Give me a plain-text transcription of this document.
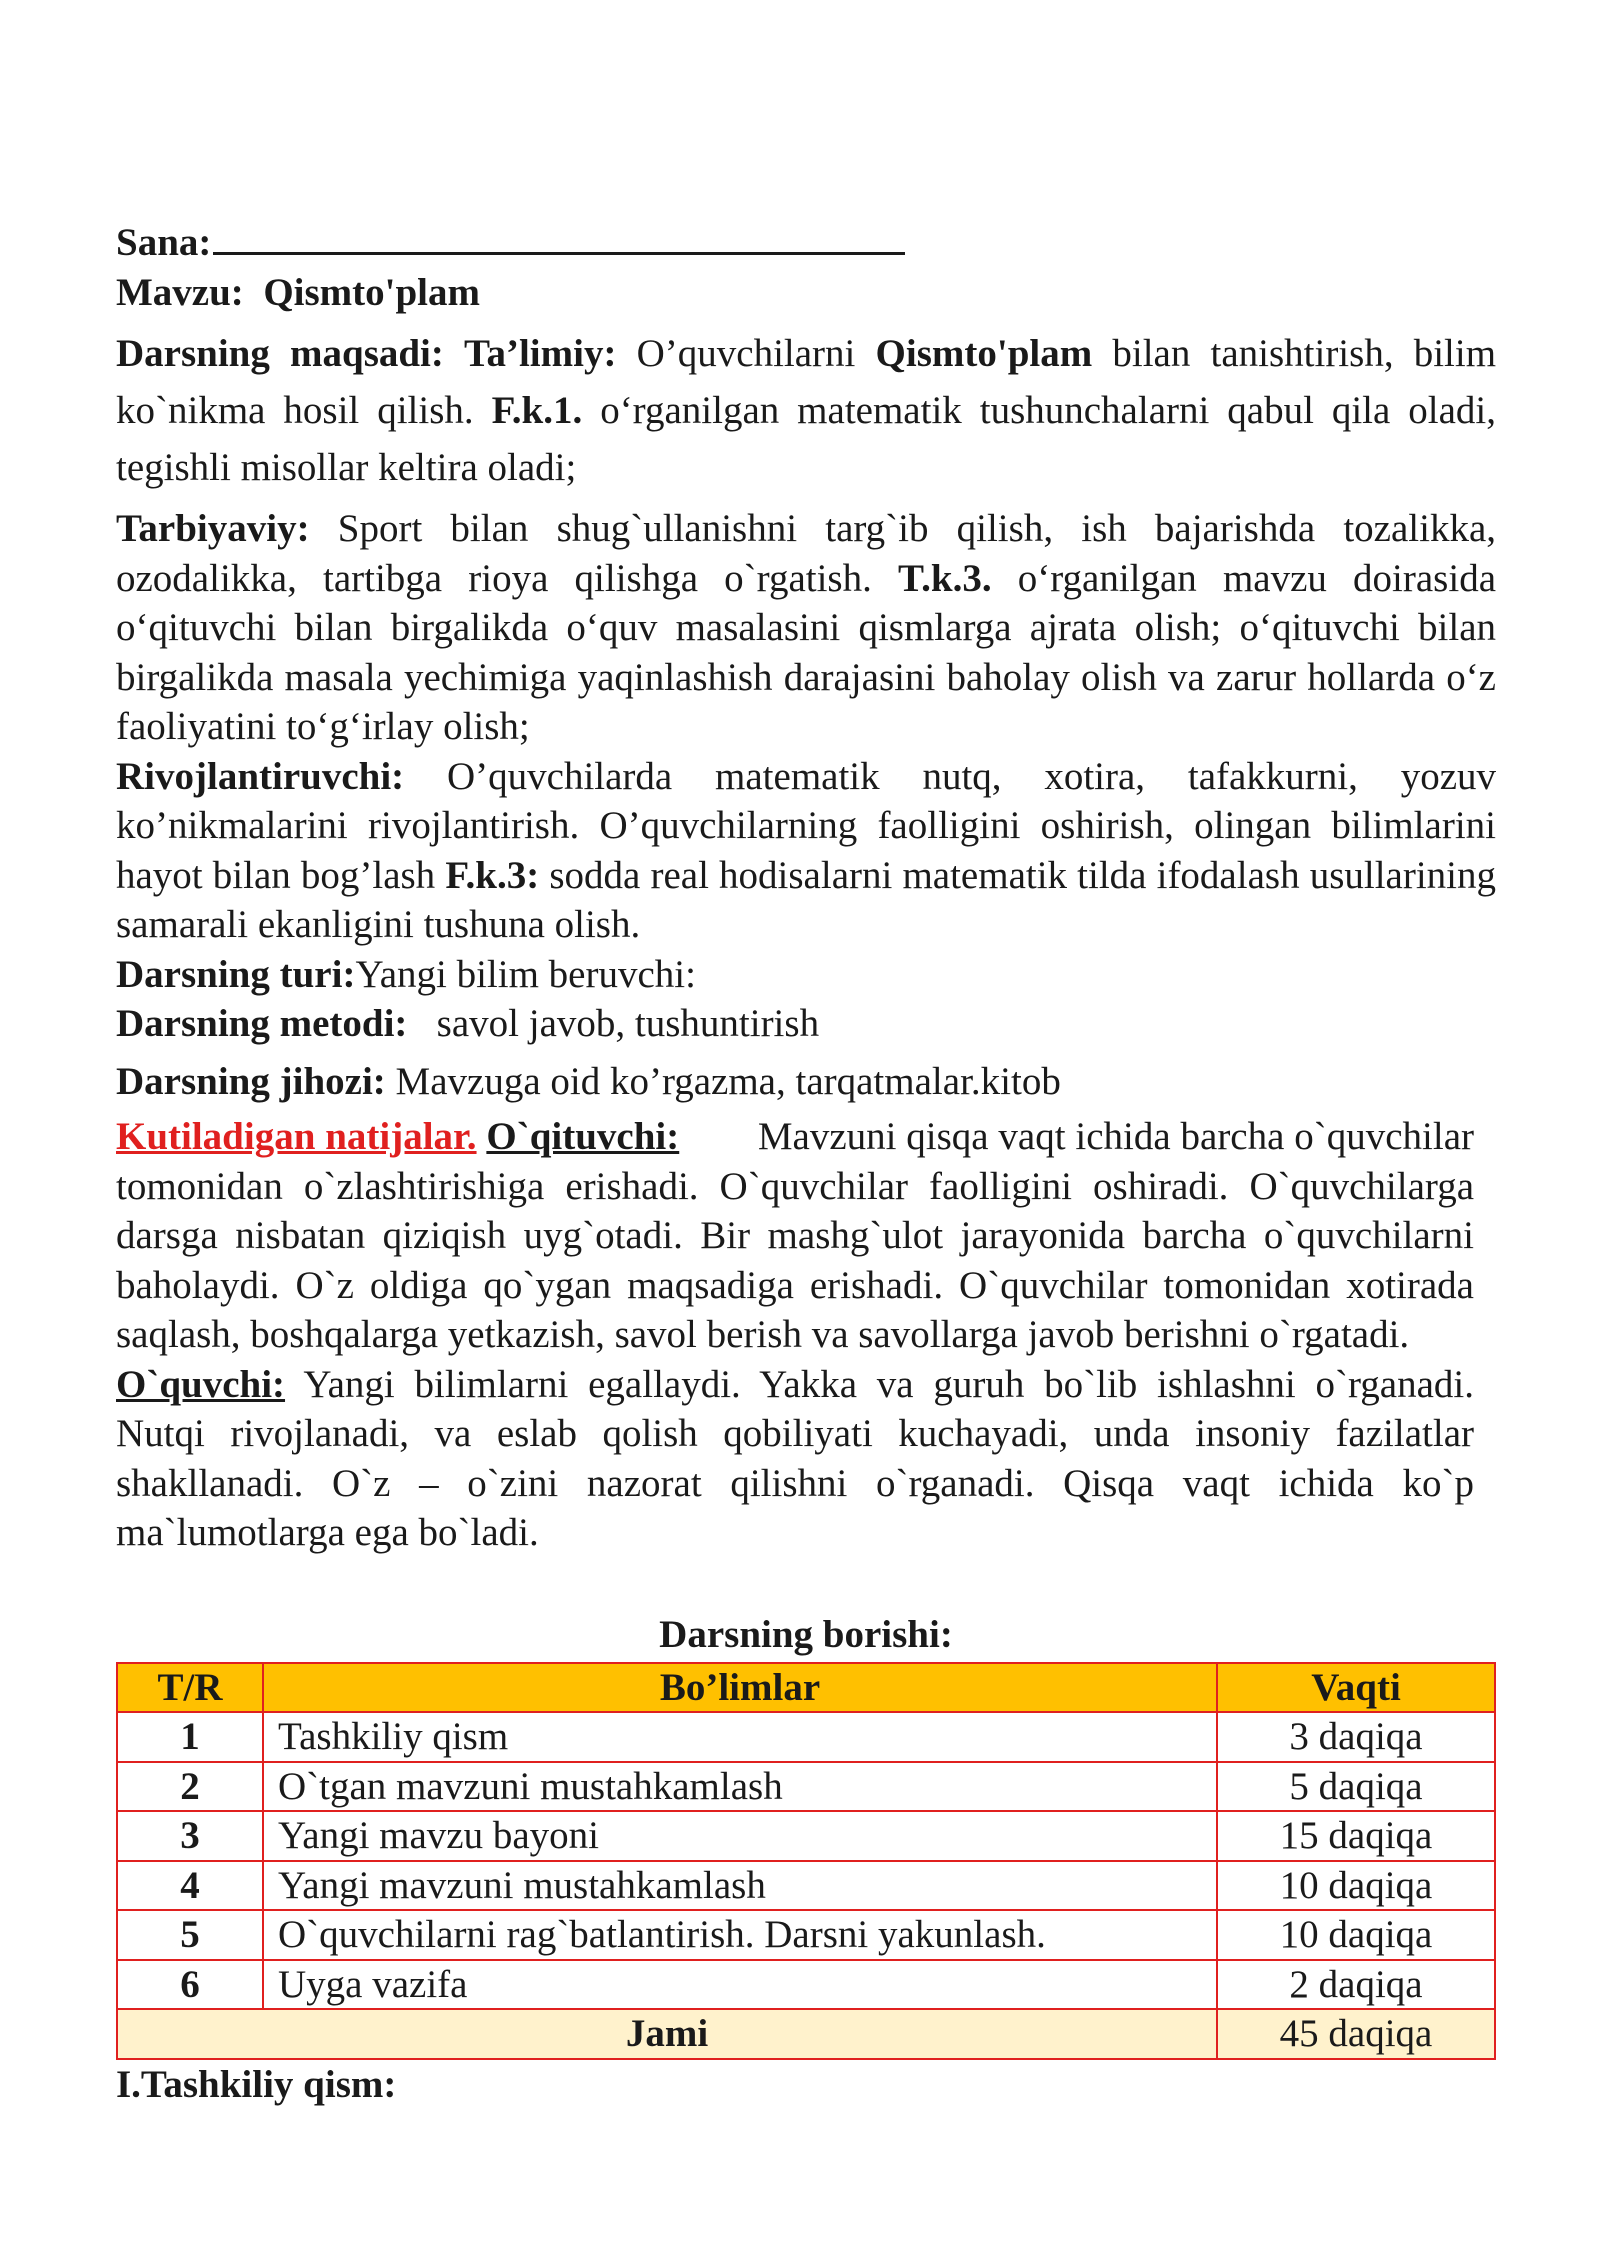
Sana:

Mavzu: Qismto'plam

Darsning maqsadi: Ta’limiy: O’quvchilarni Qismto'plam bilan tanishtirish, bilim ko`nikma hosil qilish. F.k.1. o‘rganilgan matematik tushunchalarni qabul qila oladi, tegishli misollar keltira oladi;

Tarbiyaviy: Sport bilan shug`ullanishni targ`ib qilish, ish bajarishda tozalikka, ozodalikka, tartibga rioya qilishga o`rgatish. T.k.3. o‘rganilgan mavzu doirasida o‘qituvchi bilan birgalikda o‘quv masalasini qismlarga ajrata olish; o‘qituvchi bilan birgalikda masala yechimiga yaqinlashish darajasini baholay olish va zarur hollarda o‘z faoliyatini to‘g‘irlay olish;

Rivojlantiruvchi: O’quvchilarda matematik nutq, xotira, tafakkurni, yozuv ko’nikmalarini rivojlantirish. O’quvchilarning faolligini oshirish, olingan bilimlarini hayot bilan bog’lash F.k.3: sodda real hodisalarni matematik tilda ifodalash usullarining samarali ekanligini tushuna olish.

Darsning turi:Yangi bilim beruvchi:

Darsning metodi: savol javob, tushuntirish

Darsning jihozi: Mavzuga oid ko’rgazma, tarqatmalar.kitob

Kutiladigan natijalar. O`qituvchi: Mavzuni qisqa vaqt ichida barcha o`quvchilar tomonidan o`zlashtirishiga erishadi. O`quvchilar faolligini oshiradi. O`quvchilarga darsga nisbatan qiziqish uyg`otadi. Bir mashg`ulot jarayonida barcha o`quvchilarni baholaydi. O`z oldiga qo`ygan maqsadiga erishadi. O`quvchilar tomonidan xotirada saqlash, boshqalarga yetkazish, savol berish va savollarga javob berishni o`rgatadi.

O`quvchi: Yangi bilimlarni egallaydi. Yakka va guruh bo`lib ishlashni o`rganadi. Nutqi rivojlanadi, va eslab qolish qobiliyati kuchayadi, unda insoniy fazilatlar shakllanadi. O`z – o`zini nazorat qilishni o`rganadi. Qisqa vaqt ichida ko`p ma`lumotlarga ega bo`ladi.

Darsning borishi:

T/R	Bo’limlar	Vaqti
1	Tashkiliy qism	3 daqiqa
2	O`tgan mavzuni mustahkamlash	5 daqiqa
3	Yangi mavzu bayoni	15 daqiqa
4	Yangi mavzuni mustahkamlash	10 daqiqa
5	O`quvchilarni rag`batlantirish. Darsni yakunlash.	10 daqiqa
6	Uyga vazifa	2 daqiqa
Jami		45 daqiqa

I.Tashkiliy qism:
